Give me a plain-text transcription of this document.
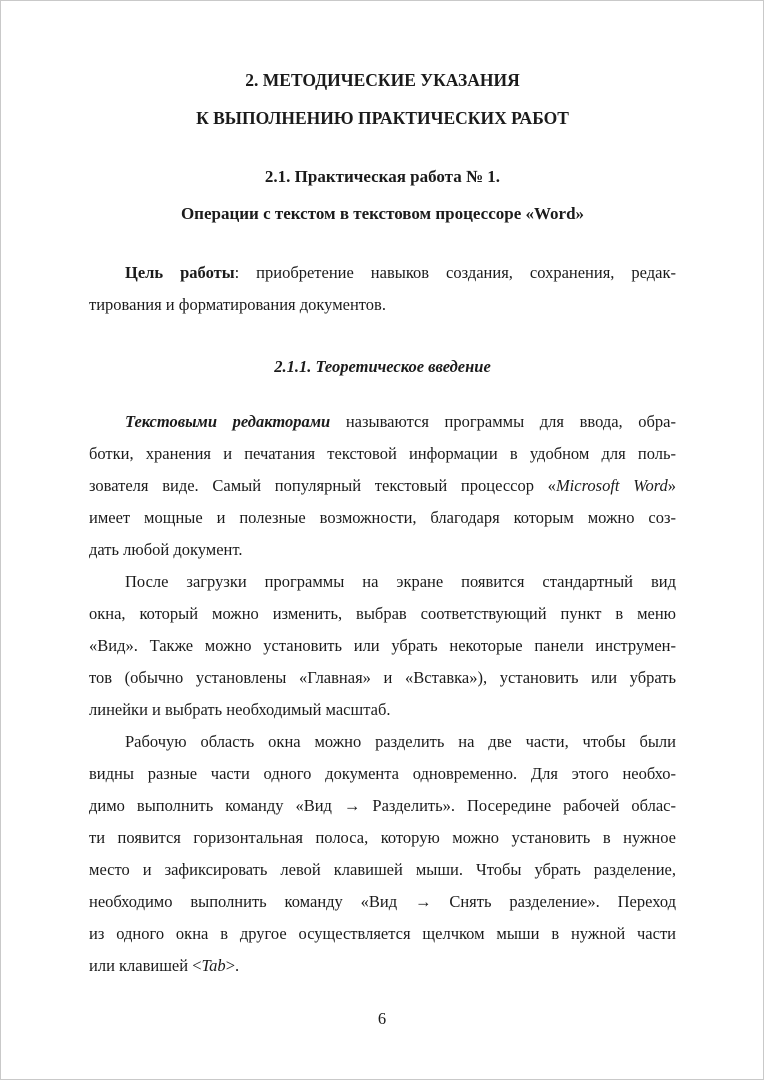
2. МЕТОДИЧЕСКИЕ УКАЗАНИЯ
К ВЫПОЛНЕНИЮ ПРАКТИЧЕСКИХ РАБОТ
2.1. Практическая работа № 1.
Операции с текстом в текстовом процессоре «Word»
Цель работы: приобретение навыков создания, сохранения, редак-
тирования и форматирования документов.
2.1.1. Теоретическое введение
Текстовыми редакторами называются программы для ввода, обра-
ботки, хранения и печатания текстовой информации в удобном для поль-
зователя виде. Самый популярный текстовый процессор «Microsoft Word»
имеет мощные и полезные возможности, благодаря которым можно соз-
дать любой документ.
После загрузки программы на экране появится стандартный вид
окна, который можно изменить, выбрав соответствующий пункт в меню
«Вид». Также можно установить или убрать некоторые панели инструмен-
тов (обычно установлены «Главная» и «Вставка»), установить или убрать
линейки и выбрать необходимый масштаб.
Рабочую область окна можно разделить на две части, чтобы были
видны разные части одного документа одновременно. Для этого необхо-
димо выполнить команду «Вид → Разделить». Посередине рабочей облас-
ти появится горизонтальная полоса, которую можно установить в нужное
место и зафиксировать левой клавишей мыши. Чтобы убрать разделение,
необходимо выполнить команду «Вид → Снять разделение». Переход
из одного окна в другое осуществляется щелчком мыши в нужной части
или клавишей <Tab>.
6
